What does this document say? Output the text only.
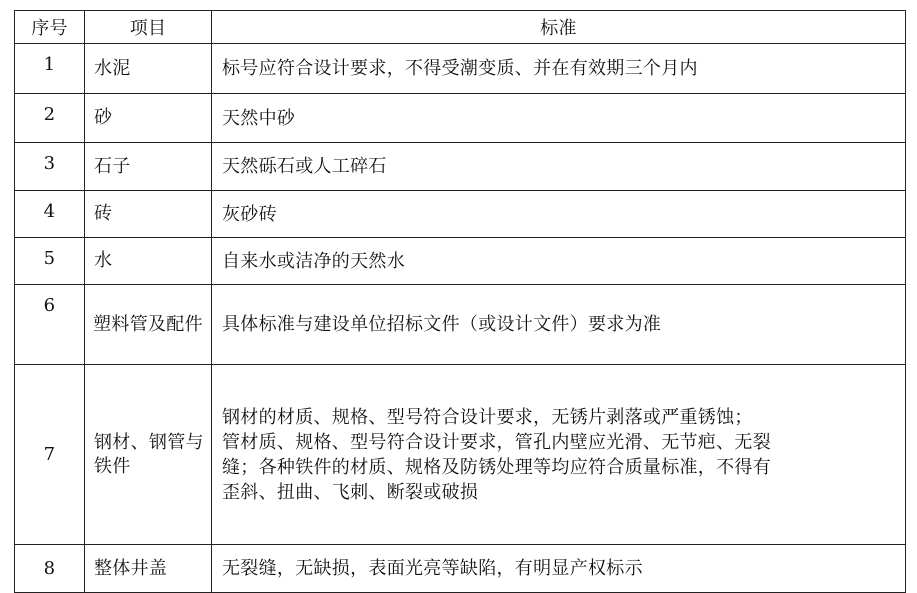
序号	项目	标准
1	水泥	标号应符合设计要求，不得受潮变质、并在有效期三个月内

2	砂	天然中砂

3	石子	天然砾石或人工碎石

4	砖	灰砂砖

5	水	自来水或洁净的天然水

6	塑料管及配件	具体标准与建设单位招标文件（或设计文件）要求为准

7	钢材、钢管与铁件	钢材的材质、规格、型号符合设计要求，无锈片剥落或严重锈蚀；
管材质、规格、型号符合设计要求，管孔内壁应光滑、无节疤、无裂
缝；各种铁件的材质、规格及防锈处理等均应符合质量标准，不得有
歪斜、扭曲、飞刺、断裂或破损

8	整体井盖	无裂缝，无缺损，表面光亮等缺陷，有明显产权标示
